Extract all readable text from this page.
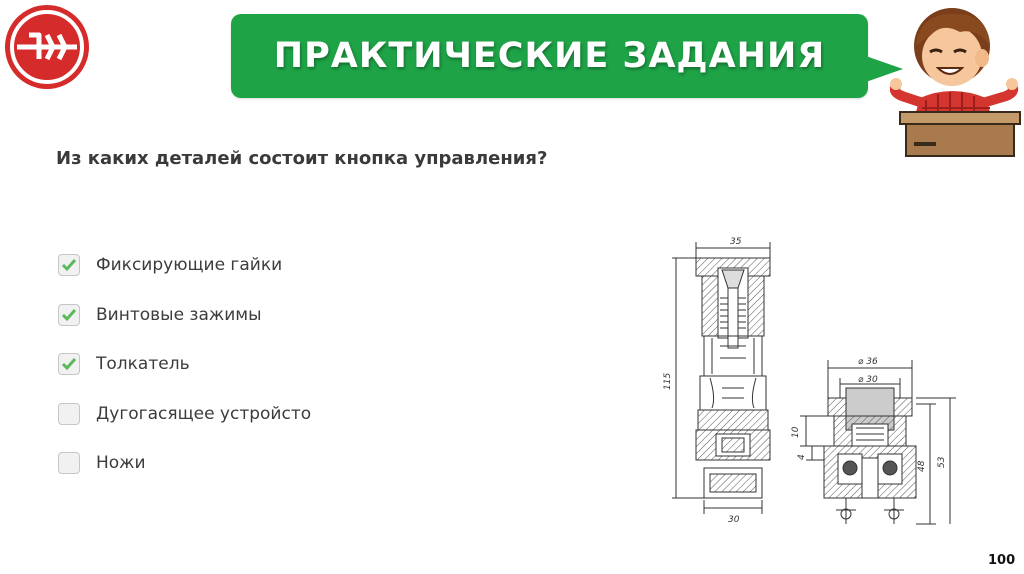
ПРАКТИЧЕСКИЕ ЗАДАНИЯ
Из каких деталей состоит кнопка управления?
Фиксирующие гайки
Винтовые зажимы
Толкатель
Дугогасящее устройсто
Ножи
35
30
115
⌀ 36
⌀ 30
10
4
48 53
100
